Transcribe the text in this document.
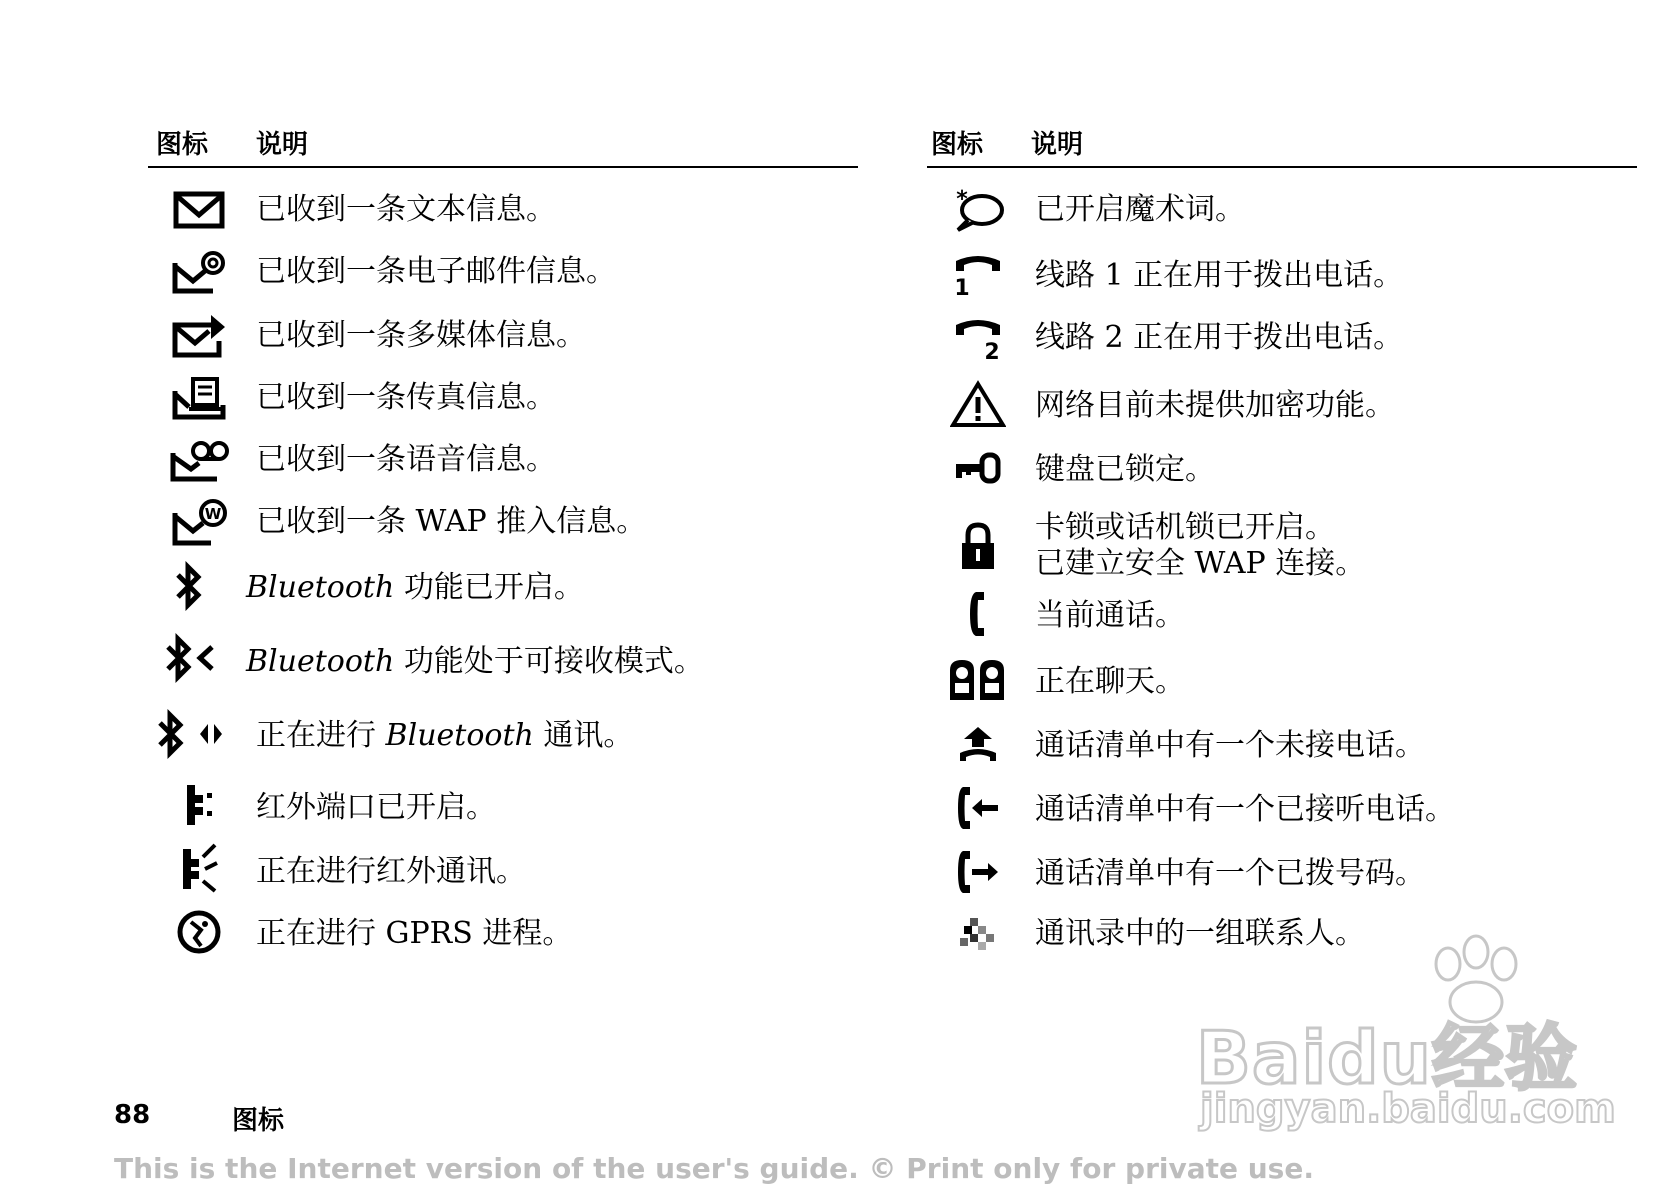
图标 说明
已收到一条文本信息。
已收到一条电子邮件信息。
已收到一条多媒体信息。
已收到一条传真信息。
已收到一条语音信息。
W 已收到一条 WAP 推入信息。
Bluetooth 功能已开启。
Bluetooth 功能处于可接收模式。
正在进行 Bluetooth 通讯。
红外端口已开启。
正在进行红外通讯。
正在进行 GPRS 进程。
图标 说明
* 已开启魔术词。
1 线路 1 正在用于拨出电话。
2 线路 2 正在用于拨出电话。
网络目前未提供加密功能。
键盘已锁定。
卡锁或话机锁已开启。
已建立安全 WAP 连接。
当前通话。
正在聊天。
通话清单中有一个未接电话。
通话清单中有一个已接听电话。
通话清单中有一个已拨号码。
通讯录中的一组联系人。
88	图标
This is the Internet version of the user's guide. © Print only for private use.
Baidu经验
jingyan.baidu.com
